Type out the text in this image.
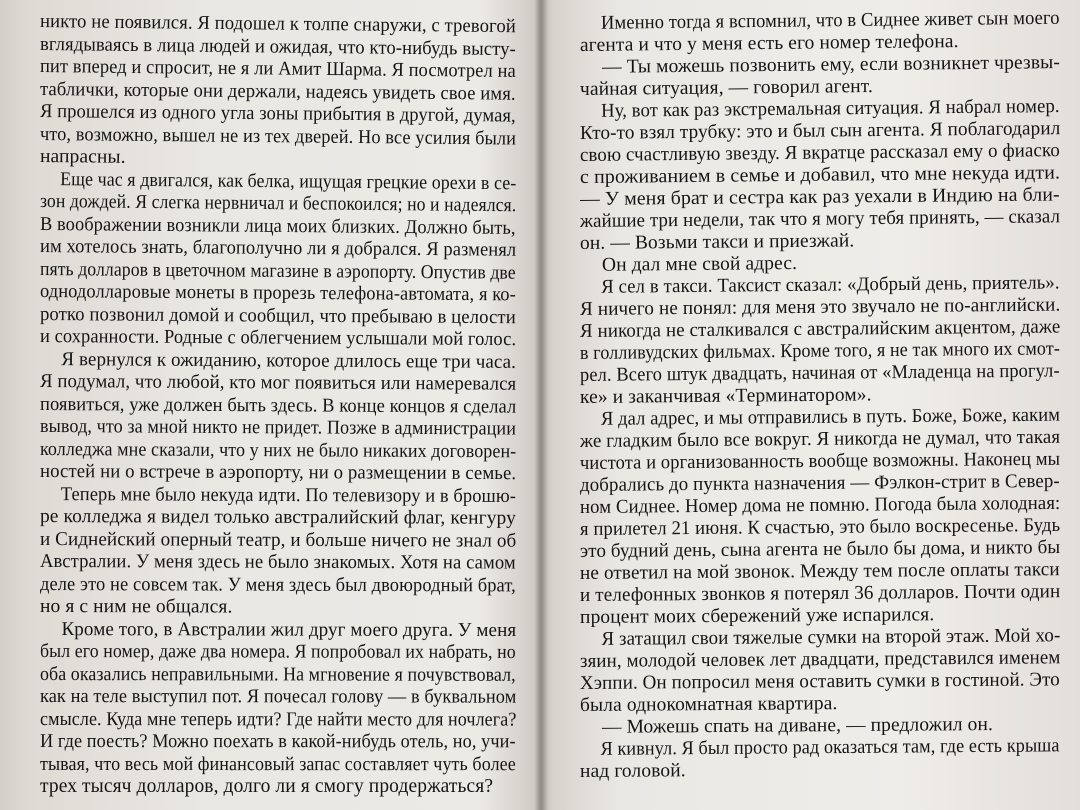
никто не появился. Я подошел к толпе снаружи, с тревогой
вглядываясь в лица людей и ожидая, что кто-нибудь высту-
пит вперед и спросит, не я ли Амит Шарма. Я посмотрел на
таблички, которые они держали, надеясь увидеть свое имя.
Я прошелся из одного угла зоны прибытия в другой, думая,
что, возможно, вышел не из тех дверей. Но все усилия были
напрасны.
Еще час я двигался, как белка, ищущая грецкие орехи в се-
зон дождей. Я слегка нервничал и беспокоился; но и надеялся.
В воображении возникли лица моих близких. Должно быть,
им хотелось знать, благополучно ли я добрался. Я разменял
пять долларов в цветочном магазине в аэропорту. Опустив две
однодолларовые монеты в прорезь телефона-автомата, я ко-
ротко позвонил домой и сообщил, что пребываю в целости
и сохранности. Родные с облегчением услышали мой голос.
Я вернулся к ожиданию, которое длилось еще три часа.
Я подумал, что любой, кто мог появиться или намеревался
появиться, уже должен быть здесь. В конце концов я сделал
вывод, что за мной никто не придет. Позже в администрации
колледжа мне сказали, что у них не было никаких договорен-
ностей ни о встрече в аэропорту, ни о размещении в семье.
Теперь мне было некуда идти. По телевизору и в брошю-
ре колледжа я видел только австралийский флаг, кенгуру
и Сиднейский оперный театр, и больше ничего не знал об
Австралии. У меня здесь не было знакомых. Хотя на самом
деле это не совсем так. У меня здесь был двоюродный брат,
но я с ним не общался.
Кроме того, в Австралии жил друг моего друга. У меня
был его номер, даже два номера. Я попробовал их набрать, но
оба оказались неправильными. На мгновение я почувствовал,
как на теле выступил пот. Я почесал голову — в буквальном
смысле. Куда мне теперь идти? Где найти место для ночлега?
И где поесть? Можно поехать в какой-нибудь отель, но, учи-
тывая, что весь мой финансовый запас составляет чуть более
трех тысяч долларов, долго ли я смогу продержаться?
Именно тогда я вспомнил, что в Сиднее живет сын моего
агента и что у меня есть его номер телефона.
— Ты можешь позвонить ему, если возникнет чрезвы-
чайная ситуация, — говорил агент.
Ну, вот как раз экстремальная ситуация. Я набрал номер.
Кто-то взял трубку: это и был сын агента. Я поблагодарил
свою счастливую звезду. Я вкратце рассказал ему о фиаско
с проживанием в семье и добавил, что мне некуда идти.
— У меня брат и сестра как раз уехали в Индию на бли-
жайшие три недели, так что я могу тебя принять, — сказал
он. — Возьми такси и приезжай.
Он дал мне свой адрес.
Я сел в такси. Таксист сказал: «Добрый день, приятель».
Я ничего не понял: для меня это звучало не по-английски.
Я никогда не сталкивался с австралийским акцентом, даже
в голливудских фильмах. Кроме того, я не так много их смот-
рел. Всего штук двадцать, начиная от «Младенца на прогул-
ке» и заканчивая «Терминатором».
Я дал адрес, и мы отправились в путь. Боже, Боже, каким
же гладким было все вокруг. Я никогда не думал, что такая
чистота и организованность вообще возможны. Наконец мы
добрались до пункта назначения — Фэлкон-стрит в Север-
ном Сиднее. Номер дома не помню. Погода была холодная:
я прилетел 21 июня. К счастью, это было воскресенье. Будь
это будний день, сына агента не было бы дома, и никто бы
не ответил на мой звонок. Между тем после оплаты такси
и телефонных звонков я потерял 36 долларов. Почти один
процент моих сбережений уже испарился.
Я затащил свои тяжелые сумки на второй этаж. Мой хо-
зяин, молодой человек лет двадцати, представился именем
Хэппи. Он попросил меня оставить сумки в гостиной. Это
была однокомнатная квартира.
— Можешь спать на диване, — предложил он.
Я кивнул. Я был просто рад оказаться там, где есть крыша
над головой.
